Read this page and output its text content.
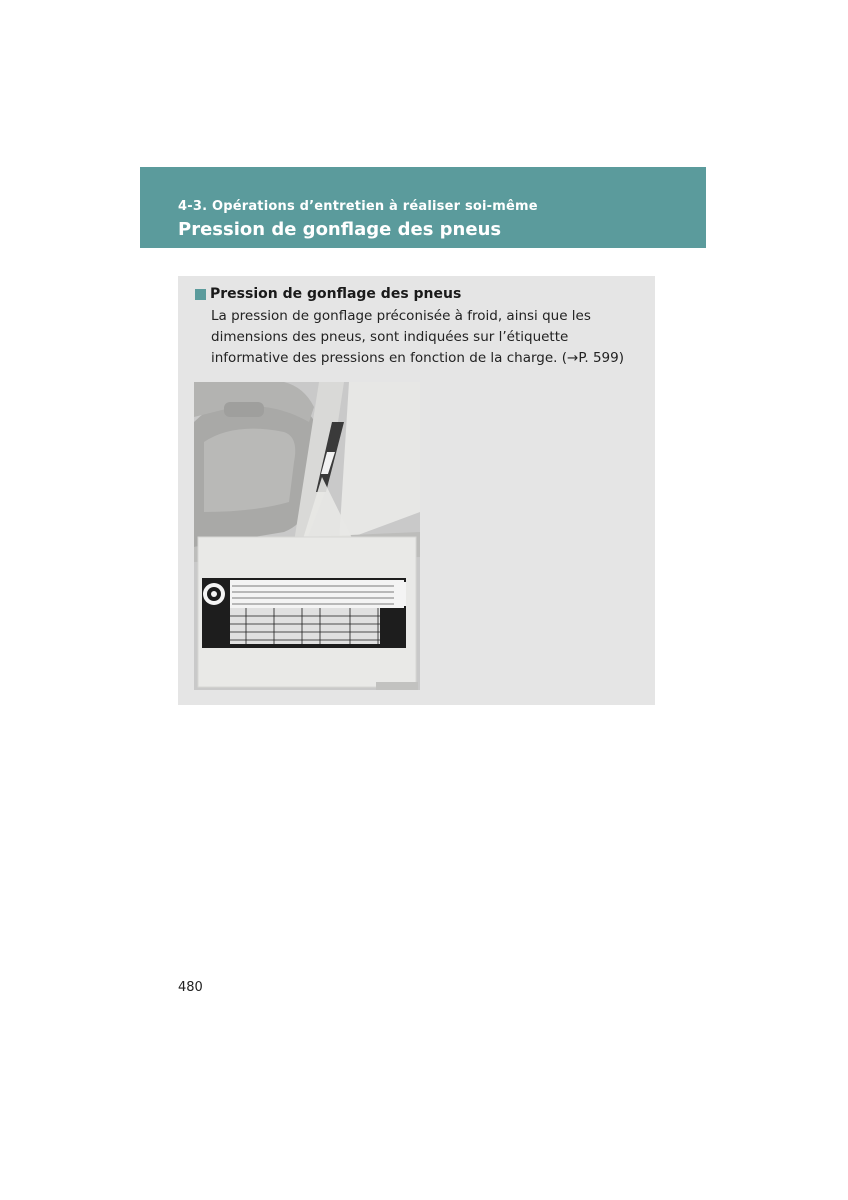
4-3. Opérations d’entretien à réaliser soi-même
Pression de gonflage des pneus
Pression de gonflage des pneus
La pression de gonflage préconisée à froid, ainsi que les dimensions des pneus, sont indiquées sur l’étiquette informative des pressions en fonction de la charge. (→P. 599)
480
